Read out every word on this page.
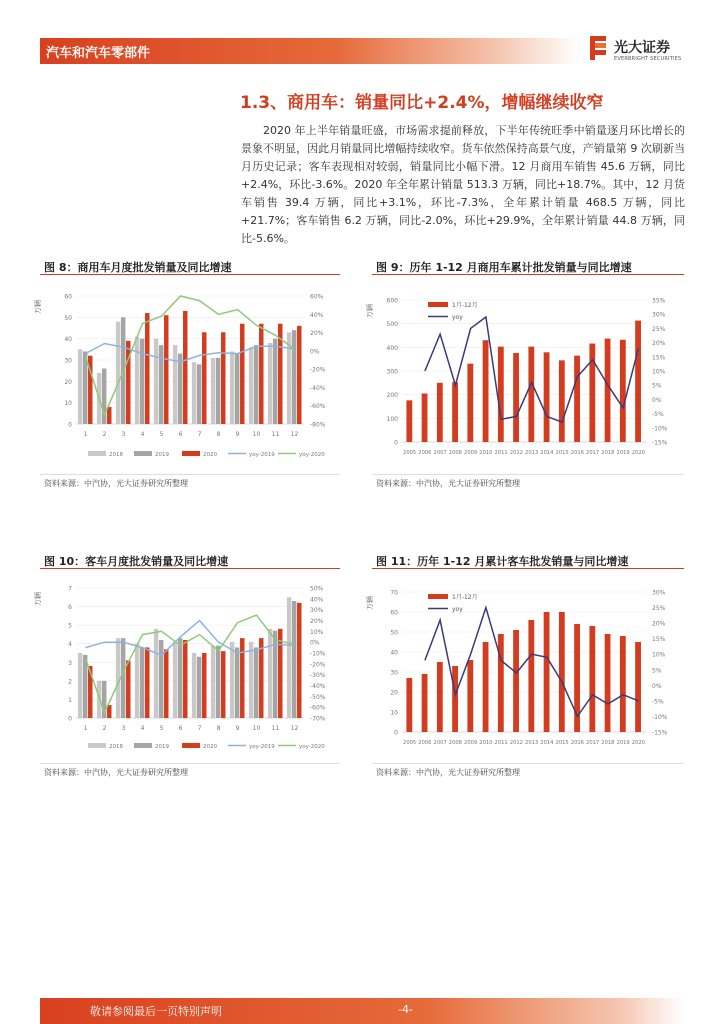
汽车和汽车零部件	光大证券
EVERBRIGHT SECURITIES
1.3、商用车：销量同比+2.4%，增幅继续收窄

2020 年上半年销量旺盛，市场需求提前释放，下半年传统旺季中销量逐月环比增长的景象不明显，因此月销量同比增幅持续收窄。货车依然保持高景气度，产销量第 9 次刷新当月历史记录；客车表现相对较弱，销量同比小幅下滑。12 月商用车销售 45.6 万辆，同比+2.4%，环比-3.6%。2020 年全年累计销量 513.3 万辆，同比+18.7%。其中，12 月货车销售 39.4 万辆，同比+3.1%，环比-7.3%，全年累计销量 468.5 万辆，同比+21.7%；客车销售 6.2 万辆，同比-2.0%，环比+29.9%，全年累计销量 44.8 万辆，同比-5.6%。

图 8：商用车月度批发销量及同比增速
万辆
0
10
20
30
40
50
60
-80%
-60%
-40%
-20%
0%
20%
40%
60%
1	2	3	4	5	6	7	8	9 10 11 12
2018	2019	2020	yoy-2019	yoy-2020
资料来源：中汽协，光大证券研究所整理
图 9：历年 1-12 月商用车累计批发销量与同比增速
万辆
0
100
200
300
400
500
600
-15%
-10%
-5%
0%
5%
10%
15%
20%
25%
30%
35%
2005 2006 2007 2008 2009 2010 2011 2012 2013 2014 2015 2016 2017 2018 2019 2020
1月-12月
yoy
资料来源：中汽协，光大证券研究所整理
图 10：客车月度批发销量及同比增速
万辆
0
1
2
3
4
5
6
7
-70%
-60%
-50%
-40%
-30%
-20%
-10%
0%
10%
20%
30%
40%
50%
1	2	3	4	5	6	7	8	9 10 11 12
2018	2019	2020	yoy-2019	yoy-2020
资料来源：中汽协，光大证券研究所整理
图 11：历年 1-12 月累计客车批发销量与同比增速
万辆
0
10
20
30
40
50
60
70
-15%
-10%
-5%
0%
5%
10%
15%
20%
25%
30%
2005 2006 2007 2008 2009 2010 2011 2012 2013 2014 2015 2016 2017 2018 2019 2020
1月-12月
yoy
资料来源：中汽协，光大证券研究所整理
敬请参阅最后一页特别声明	-4-
